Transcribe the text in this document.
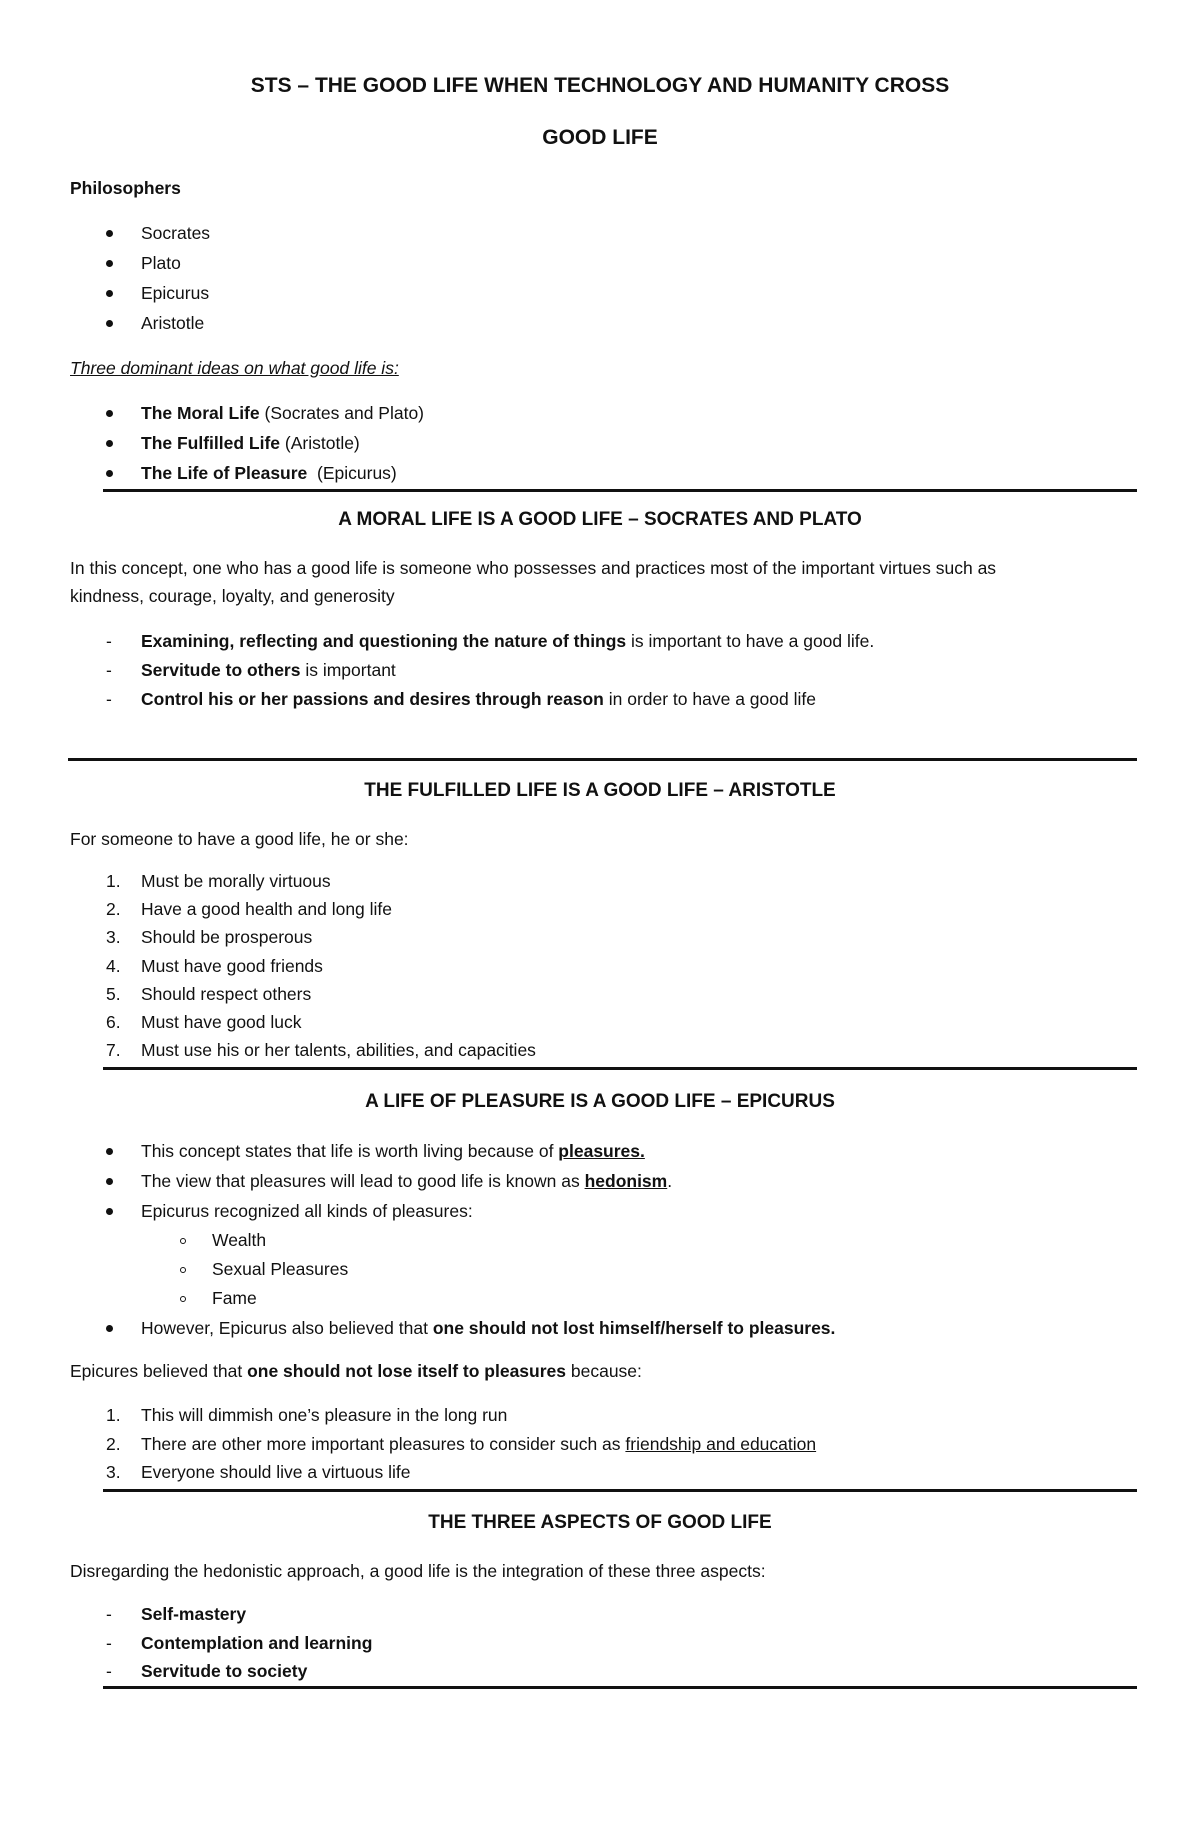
STS – THE GOOD LIFE WHEN TECHNOLOGY AND HUMANITY CROSS
GOOD LIFE
Philosophers
Socrates
Plato
Epicurus
Aristotle
Three dominant ideas on what good life is:
The Moral Life (Socrates and Plato)
The Fulfilled Life (Aristotle)
The Life of Pleasure  (Epicurus)
A MORAL LIFE IS A GOOD LIFE – SOCRATES AND PLATO
In this concept, one who has a good life is someone who possesses and practices most of the important virtues such as
kindness, courage, loyalty, and generosity
- Examining, reflecting and questioning the nature of things is important to have a good life.
- Servitude to others is important
- Control his or her passions and desires through reason in order to have a good life
THE FULFILLED LIFE IS A GOOD LIFE – ARISTOTLE
For someone to have a good life, he or she:
1. Must be morally virtuous
2. Have a good health and long life
3. Should be prosperous
4. Must have good friends
5. Should respect others
6. Must have good luck
7. Must use his or her talents, abilities, and capacities
A LIFE OF PLEASURE IS A GOOD LIFE – EPICURUS
This concept states that life is worth living because of pleasures.
The view that pleasures will lead to good life is known as hedonism.
Epicurus recognized all kinds of pleasures:
Wealth
Sexual Pleasures
Fame
However, Epicurus also believed that one should not lost himself/herself to pleasures.
Epicures believed that one should not lose itself to pleasures because:
1. This will dimmish one’s pleasure in the long run
2. There are other more important pleasures to consider such as friendship and education
3. Everyone should live a virtuous life
THE THREE ASPECTS OF GOOD LIFE
Disregarding the hedonistic approach, a good life is the integration of these three aspects:
- Self-mastery
- Contemplation and learning
- Servitude to society
